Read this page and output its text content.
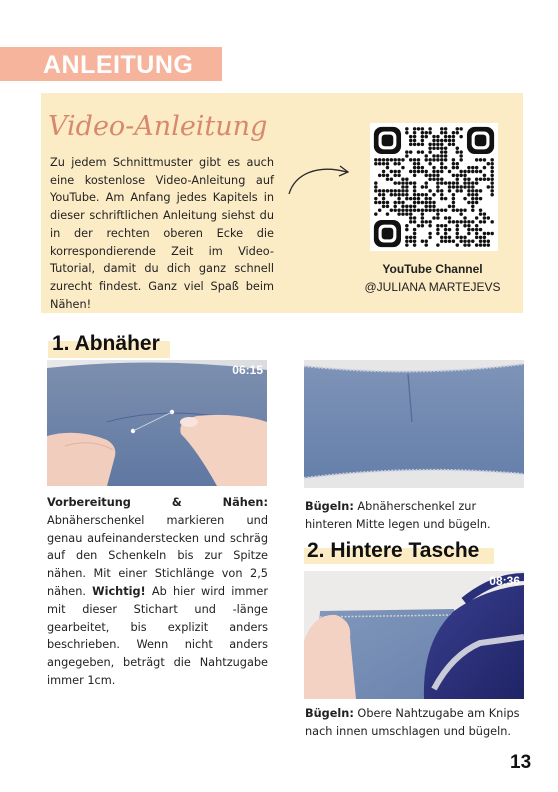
ANLEITUNG
Video-Anleitung
Zu jedem Schnittmuster gibt es auch eine kostenlose Video-Anleitung auf YouTube. Am Anfang jedes Kapitels in dieser schriftlichen Anleitung siehst du in der rechten oberen Ecke die korrespondierende Zeit im Video-Tutorial, damit du dich ganz schnell zurecht findest. Ganz viel Spaß beim Nähen!
YouTube Channel
@JULIANA MARTEJEVS
1. Abnäher
06:15
Vorbereitung & Nähen: Abnäherschenkel markieren und genau aufeinanderstecken und schräg auf den Schenkeln bis zur Spitze nähen. Mit einer Stichlänge von 2,5 nähen. Wichtig! Ab hier wird immer mit dieser Stichart und -länge gearbeitet, bis explizit anders beschrieben. Wenn nicht anders angegeben, beträgt die Nahtzugabe immer 1cm.
Bügeln: Abnäherschenkel zur hinteren Mitte legen und bügeln.
2. Hintere Tasche
08:36
Bügeln: Obere Nahtzugabe am Knips nach innen umschlagen und bügeln.
13
